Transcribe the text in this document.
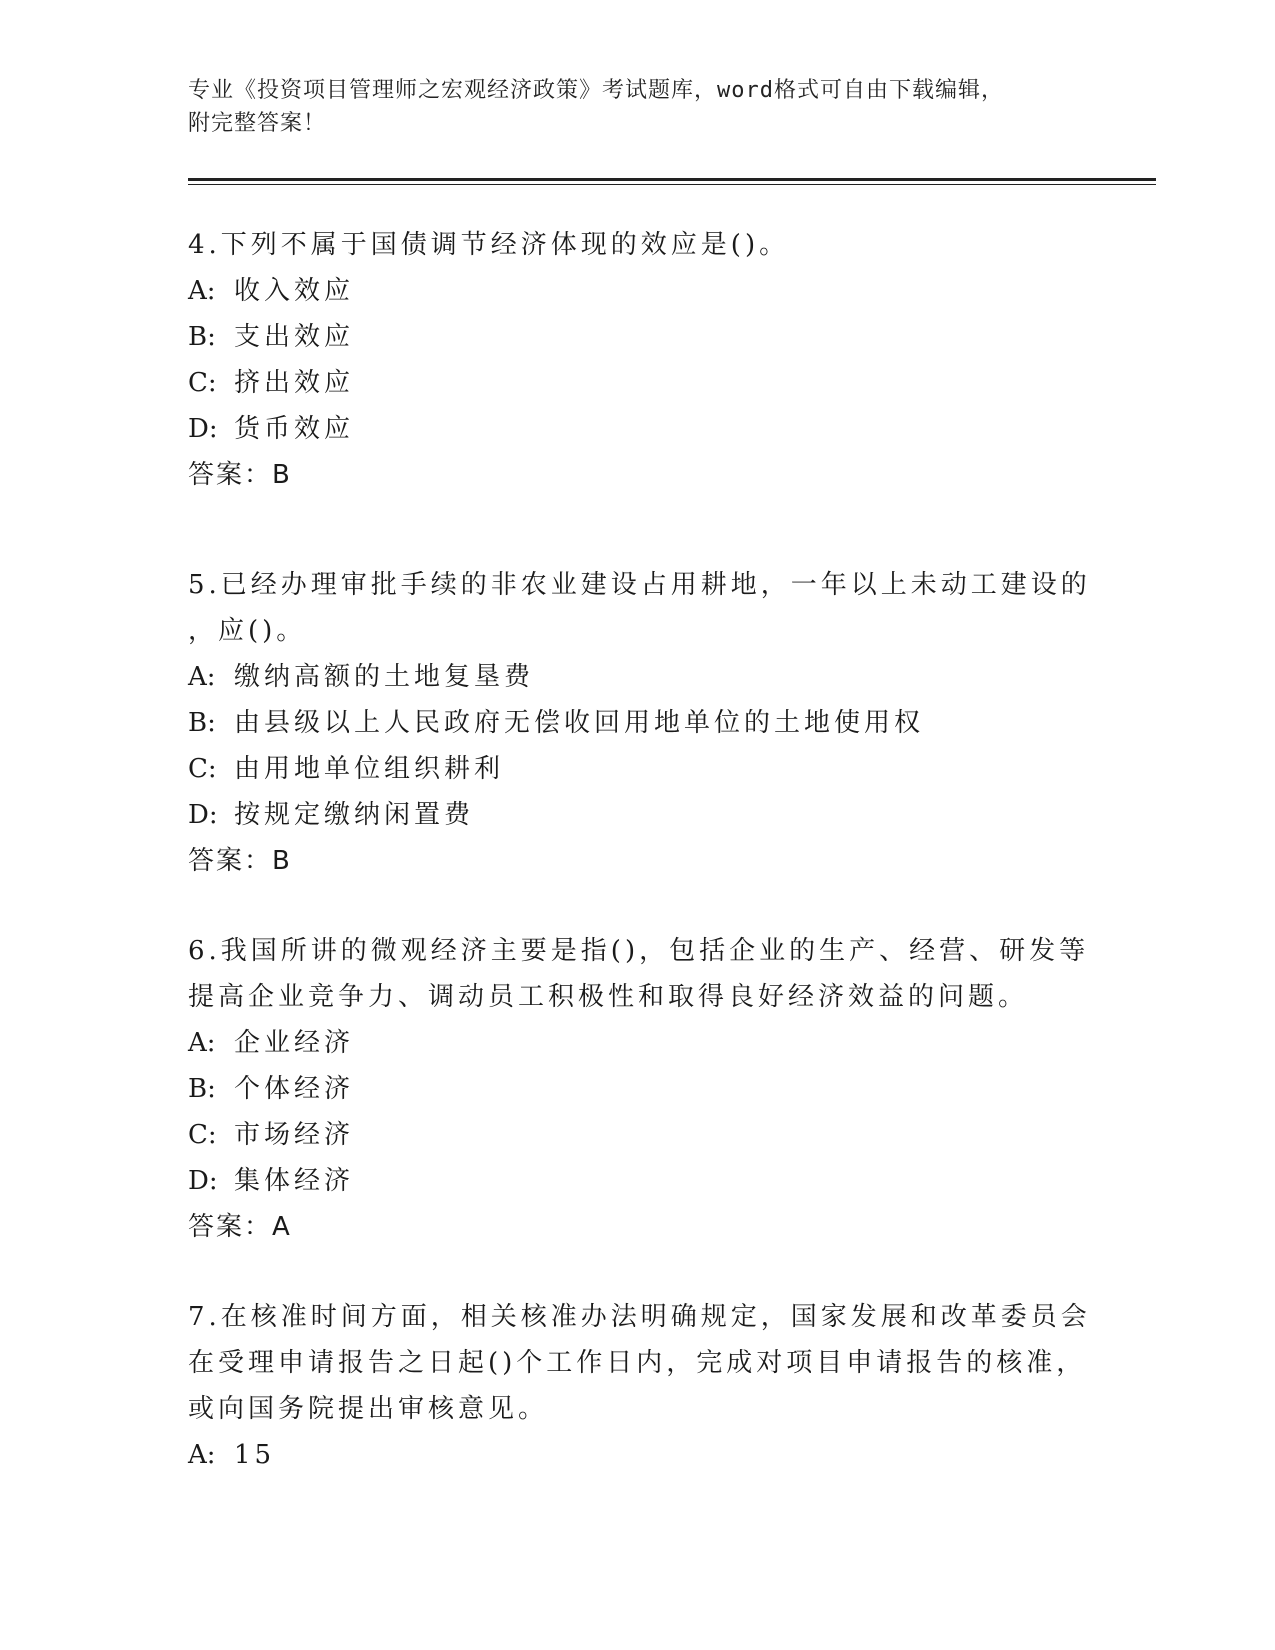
专业《投资项目管理师之宏观经济政策》考试题库，word格式可自由下载编辑，
附完整答案！
4.下列不属于国债调节经济体现的效应是()。
A: 收入效应
B: 支出效应
C: 挤出效应
D: 货币效应
答案：B
5.已经办理审批手续的非农业建设占用耕地，一年以上未动工建设的
，应()。
A: 缴纳高额的土地复垦费
B: 由县级以上人民政府无偿收回用地单位的土地使用权
C: 由用地单位组织耕利
D: 按规定缴纳闲置费
答案：B
6.我国所讲的微观经济主要是指()，包括企业的生产、经营、研发等
提高企业竞争力、调动员工积极性和取得良好经济效益的问题。
A: 企业经济
B: 个体经济
C: 市场经济
D: 集体经济
答案：A
7.在核准时间方面，相关核准办法明确规定，国家发展和改革委员会
在受理申请报告之日起()个工作日内，完成对项目申请报告的核准，
或向国务院提出审核意见。
A: 15
